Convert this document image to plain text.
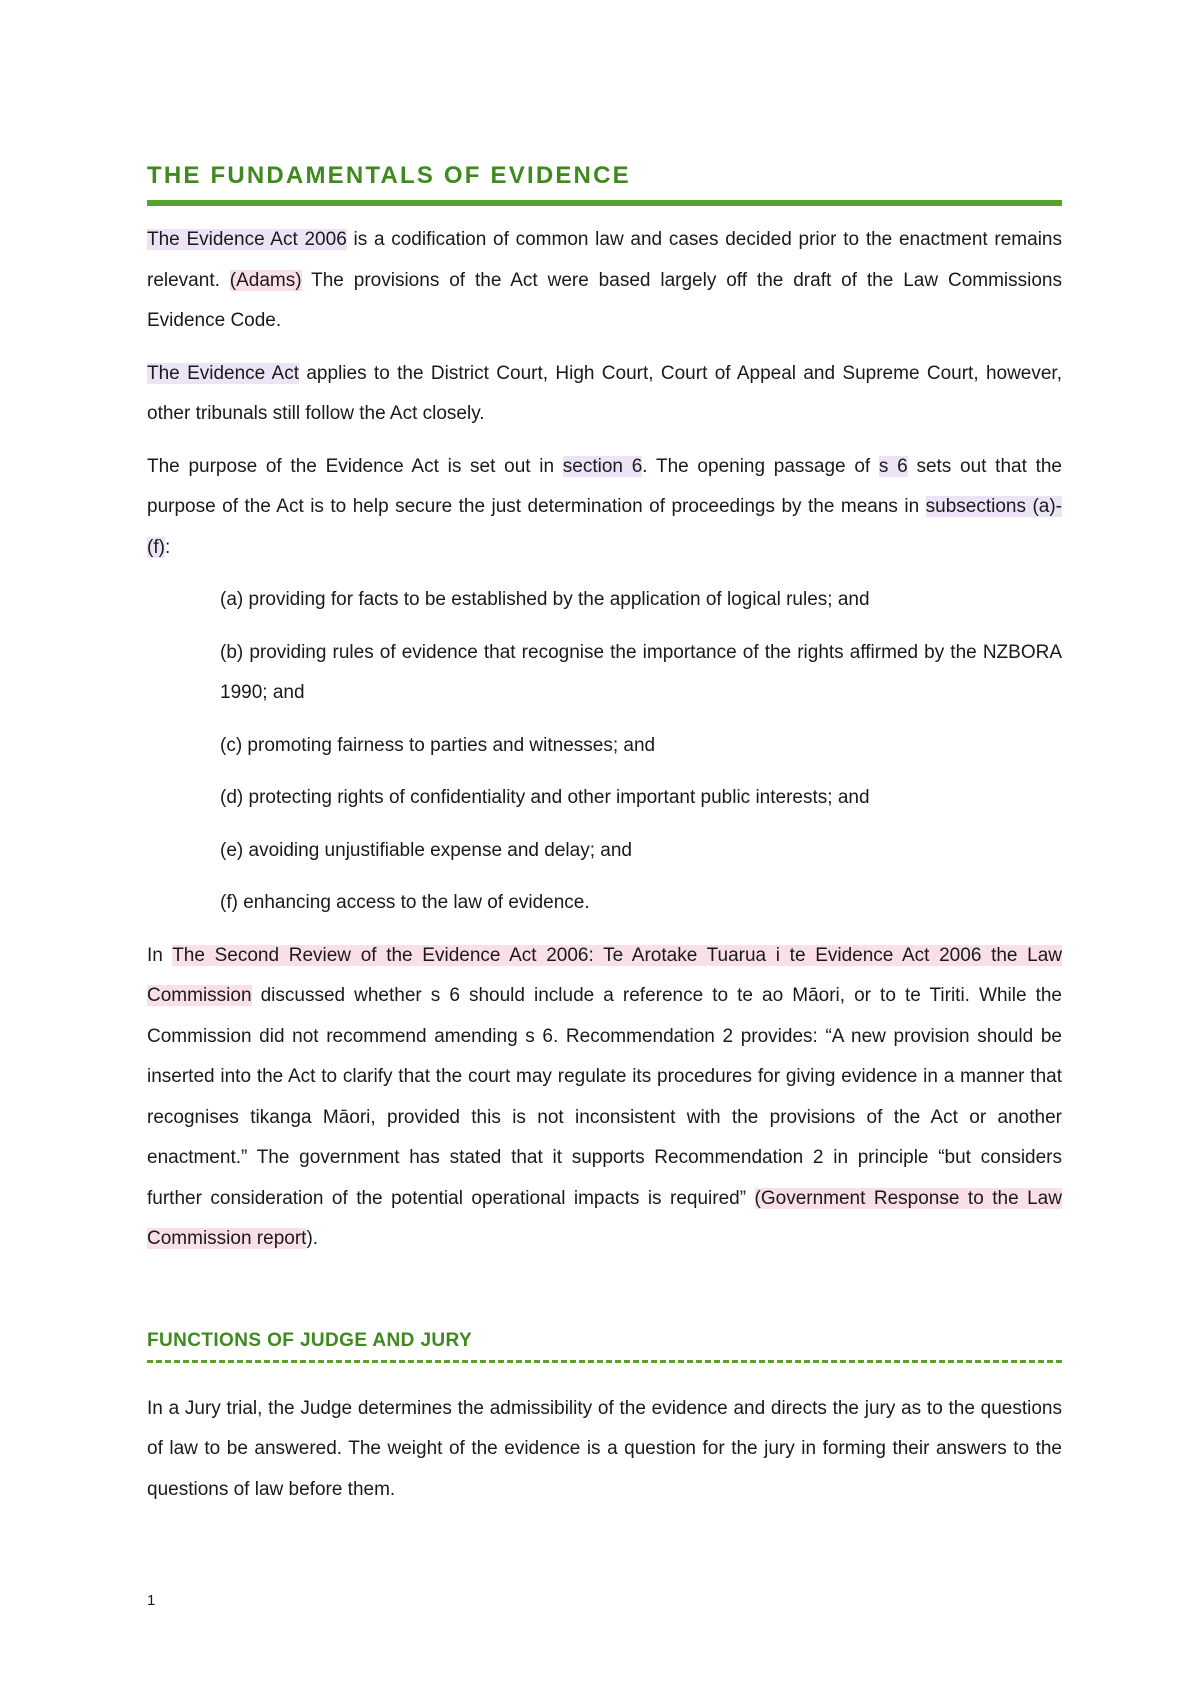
THE FUNDAMENTALS OF EVIDENCE

The Evidence Act 2006 is a codification of common law and cases decided prior to the enactment remains relevant. (Adams) The provisions of the Act were based largely off the draft of the Law Commissions Evidence Code.

The Evidence Act applies to the District Court, High Court, Court of Appeal and Supreme Court, however, other tribunals still follow the Act closely.

The purpose of the Evidence Act is set out in section 6. The opening passage of s 6 sets out that the purpose of the Act is to help secure the just determination of proceedings by the means in subsections (a)-(f):

(a) providing for facts to be established by the application of logical rules; and

(b) providing rules of evidence that recognise the importance of the rights affirmed by the NZBORA 1990; and

(c) promoting fairness to parties and witnesses; and

(d) protecting rights of confidentiality and other important public interests; and

(e) avoiding unjustifiable expense and delay; and

(f) enhancing access to the law of evidence.

In The Second Review of the Evidence Act 2006: Te Arotake Tuarua i te Evidence Act 2006 the Law Commission discussed whether s 6 should include a reference to te ao Māori, or to te Tiriti. While the Commission did not recommend amending s 6. Recommendation 2 provides: “A new provision should be inserted into the Act to clarify that the court may regulate its procedures for giving evidence in a manner that recognises tikanga Māori, provided this is not inconsistent with the provisions of the Act or another enactment.” The government has stated that it supports Recommendation 2 in principle “but considers further consideration of the potential operational impacts is required” (Government Response to the Law Commission report).

FUNCTIONS OF JUDGE AND JURY

In a Jury trial, the Judge determines the admissibility of the evidence and directs the jury as to the questions of law to be answered. The weight of the evidence is a question for the jury in forming their answers to the questions of law before them.

1
